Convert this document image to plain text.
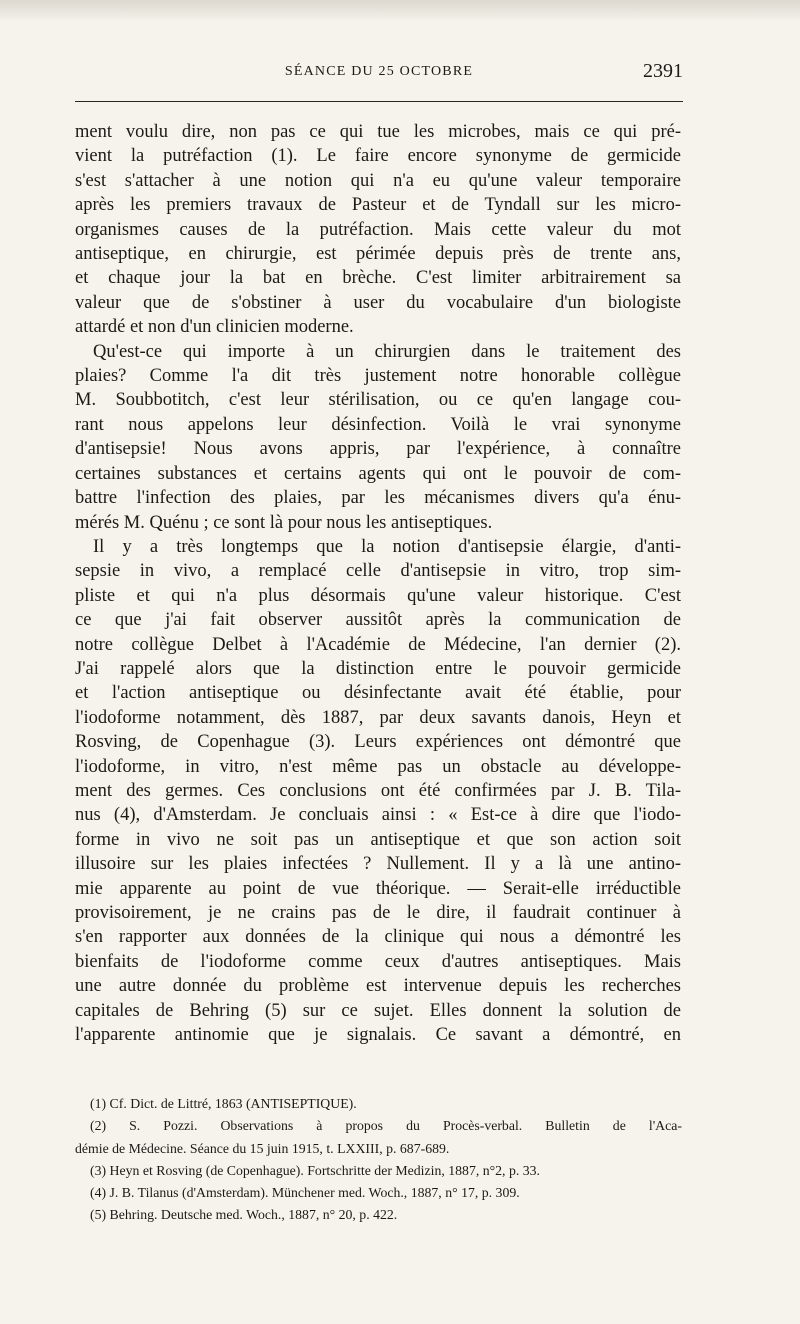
SÉANCE DU 25 OCTOBRE	2391
ment voulu dire, non pas ce qui tue les microbes, mais ce qui pré-
vient la putréfaction (1). Le faire encore synonyme de germicide
s'est s'attacher à une notion qui n'a eu qu'une valeur temporaire
après les premiers travaux de Pasteur et de Tyndall sur les micro-
organismes causes de la putréfaction. Mais cette valeur du mot
antiseptique, en chirurgie, est périmée depuis près de trente ans,
et chaque jour la bat en brèche. C'est limiter arbitrairement sa
valeur que de s'obstiner à user du vocabulaire d'un biologiste
attardé et non d'un clinicien moderne.
Qu'est-ce qui importe à un chirurgien dans le traitement des
plaies? Comme l'a dit très justement notre honorable collègue
M. Soubbotitch, c'est leur stérilisation, ou ce qu'en langage cou-
rant nous appelons leur désinfection. Voilà le vrai synonyme
d'antisepsie! Nous avons appris, par l'expérience, à connaître
certaines substances et certains agents qui ont le pouvoir de com-
battre l'infection des plaies, par les mécanismes divers qu'a énu-
mérés M. Quénu ; ce sont là pour nous les antiseptiques.
Il y a très longtemps que la notion d'antisepsie élargie, d'anti-
sepsie in vivo, a remplacé celle d'antisepsie in vitro, trop sim-
pliste et qui n'a plus désormais qu'une valeur historique. C'est
ce que j'ai fait observer aussitôt après la communication de
notre collègue Delbet à l'Académie de Médecine, l'an dernier (2).
J'ai rappelé alors que la distinction entre le pouvoir germicide
et l'action antiseptique ou désinfectante avait été établie, pour
l'iodoforme notamment, dès 1887, par deux savants danois, Heyn et
Rosving, de Copenhague (3). Leurs expériences ont démontré que
l'iodoforme, in vitro, n'est même pas un obstacle au développe-
ment des germes. Ces conclusions ont été confirmées par J. B. Tila-
nus (4), d'Amsterdam. Je concluais ainsi : « Est-ce à dire que l'iodo-
forme in vivo ne soit pas un antiseptique et que son action soit
illusoire sur les plaies infectées ? Nullement. Il y a là une antino-
mie apparente au point de vue théorique. — Serait-elle irréductible
provisoirement, je ne crains pas de le dire, il faudrait continuer à
s'en rapporter aux données de la clinique qui nous a démontré les
bienfaits de l'iodoforme comme ceux d'autres antiseptiques. Mais
une autre donnée du problème est intervenue depuis les recherches
capitales de Behring (5) sur ce sujet. Elles donnent la solution de
l'apparente antinomie que je signalais. Ce savant a démontré, en
(1) Cf. Dict. de Littré, 1863 (ANTISEPTIQUE).
(2) S. Pozzi. Observations à propos du Procès-verbal. Bulletin de l'Aca-
démie de Médecine. Séance du 15 juin 1915, t. LXXIII, p. 687-689.
(3) Heyn et Rosving (de Copenhague). Fortschritte der Medizin, 1887, n°2, p. 33.
(4) J. B. Tilanus (d'Amsterdam). Münchener med. Woch., 1887, n° 17, p. 309.
(5) Behring. Deutsche med. Woch., 1887, n° 20, p. 422.
